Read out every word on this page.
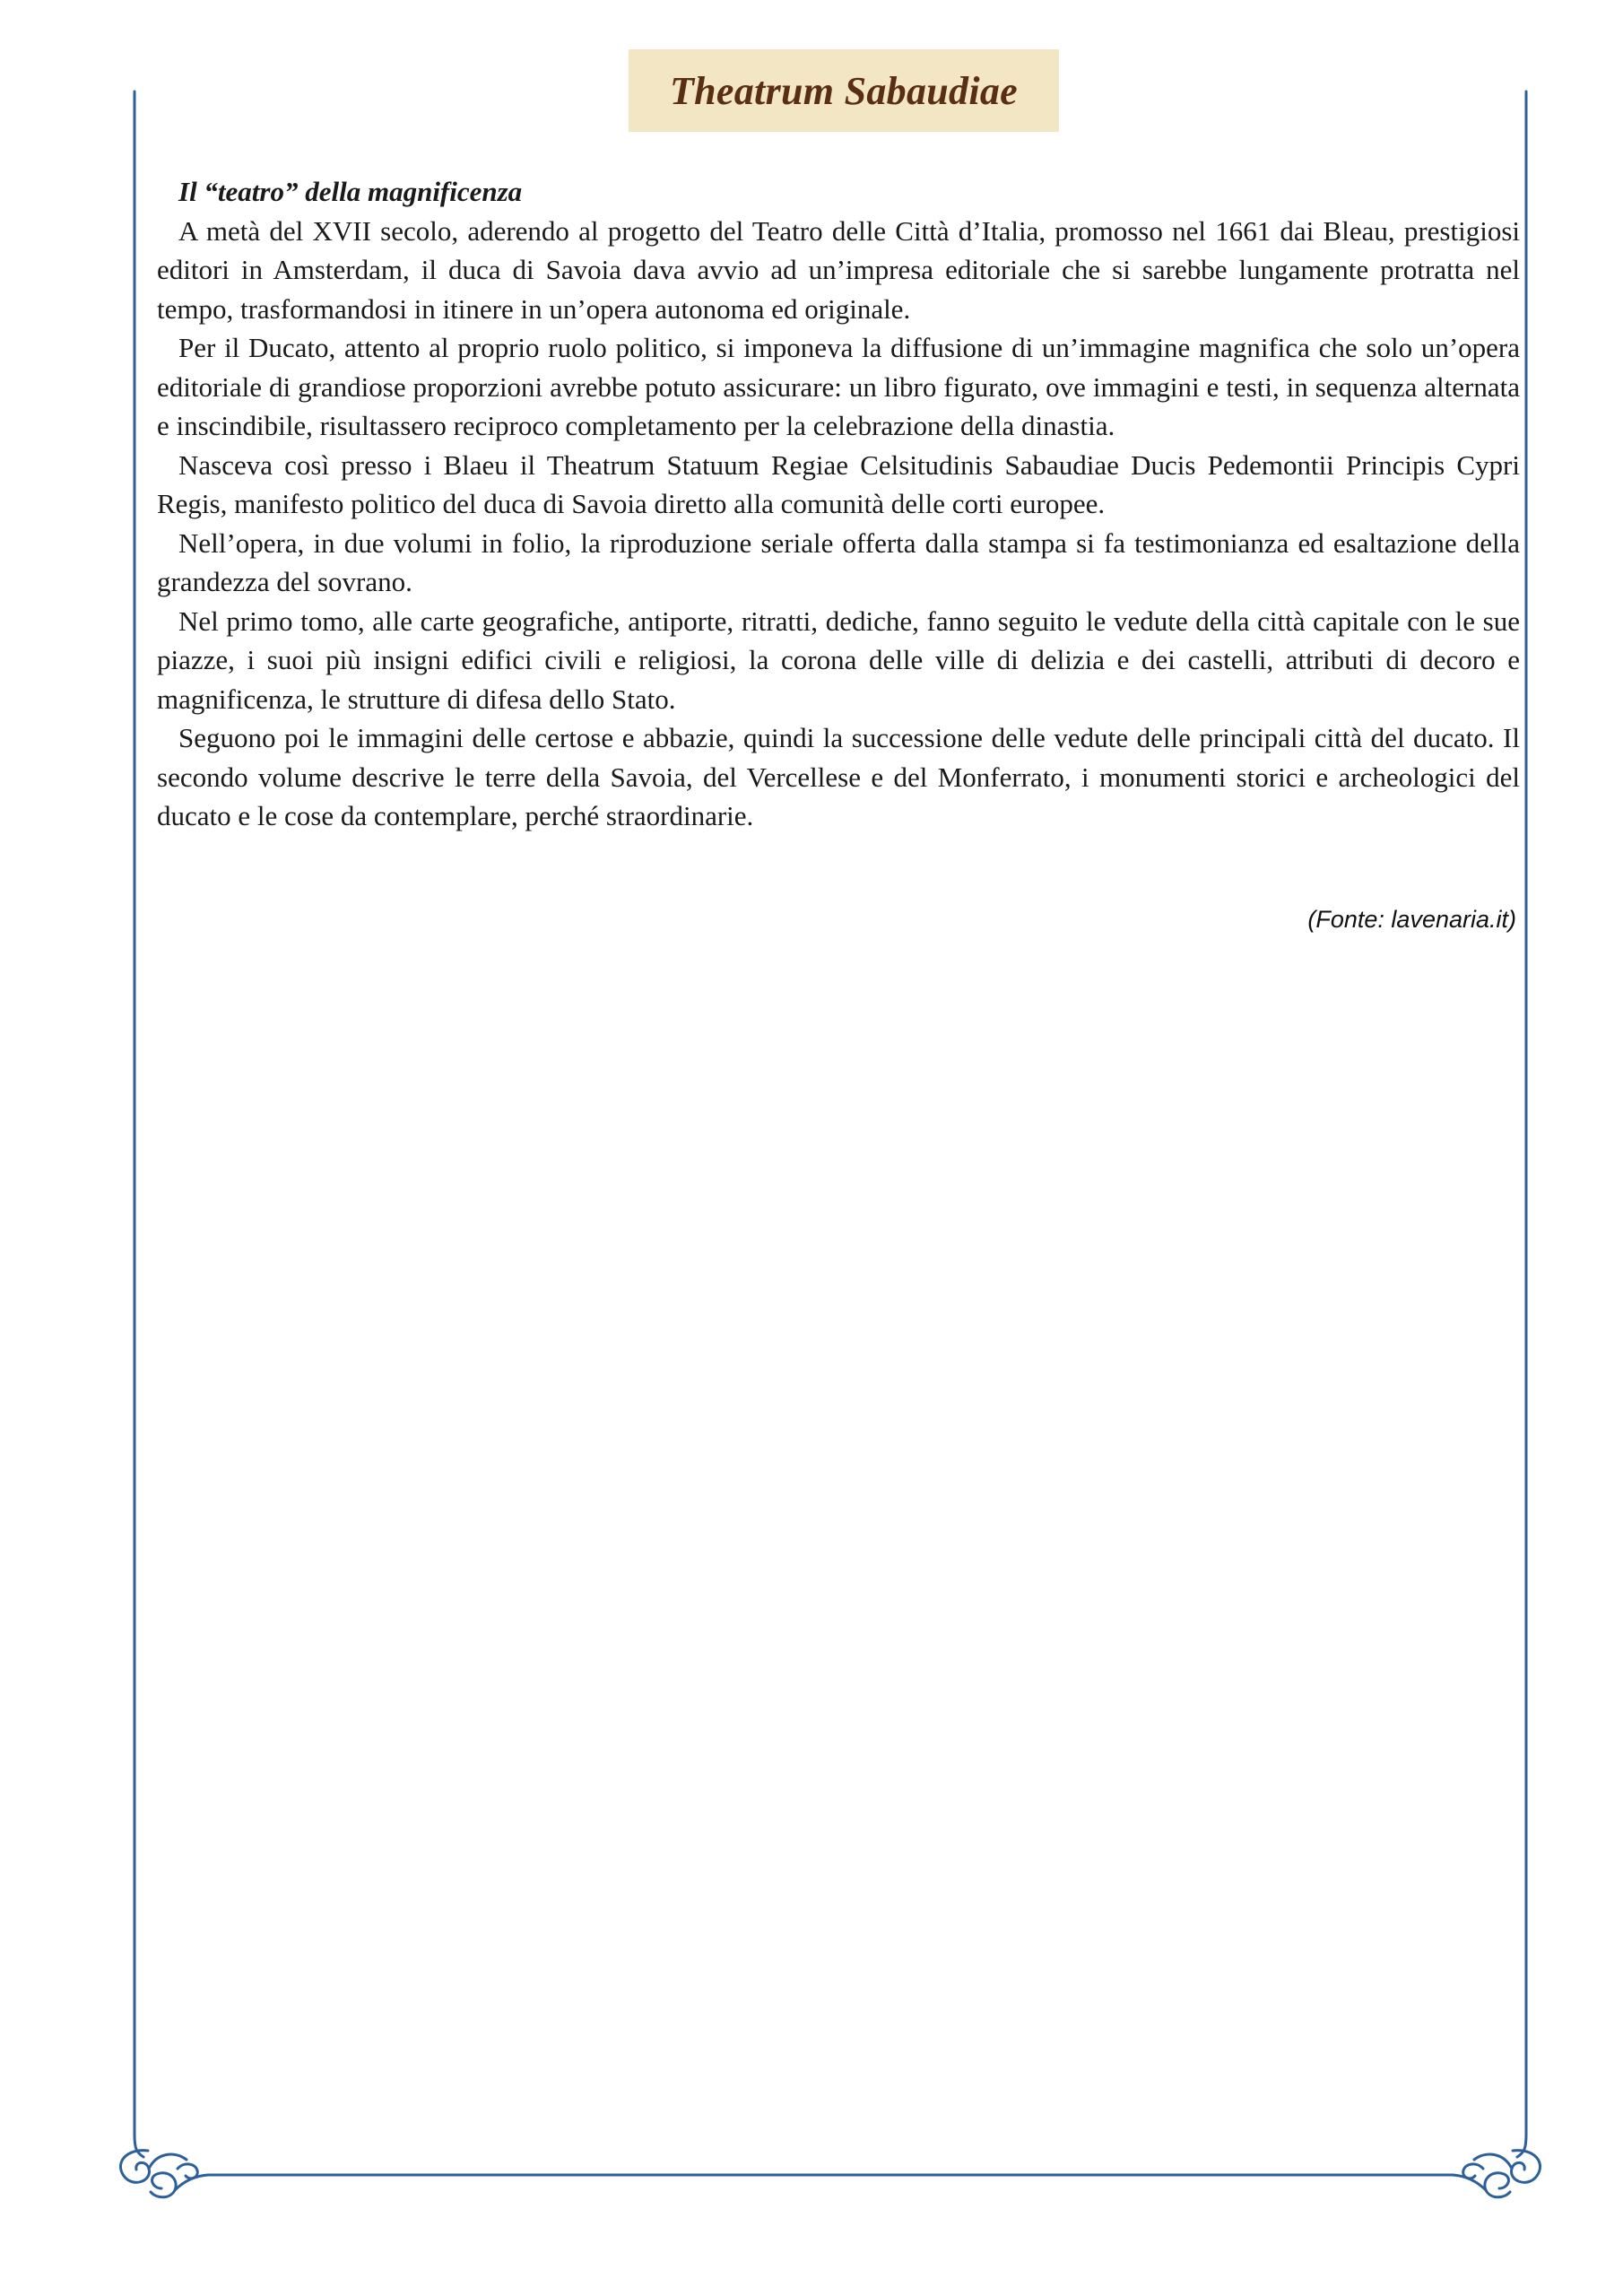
Theatrum Sabaudiae
Il “teatro” della magnificenza

A metà del XVII secolo, aderendo al progetto del Teatro delle Città d’Italia, promosso nel 1661 dai Bleau, prestigiosi editori in Amsterdam, il duca di Savoia dava avvio ad un’impresa editoriale che si sarebbe lungamente protratta nel tempo, trasformandosi in itinere in un’opera autonoma ed originale.

Per il Ducato, attento al proprio ruolo politico, si imponeva la diffusione di un’immagine magnifica che solo un’opera editoriale di grandiose proporzioni avrebbe potuto assicurare: un libro figurato, ove immagini e testi, in sequenza alternata e inscindibile, risultassero reciproco completamento per la celebrazione della dinastia.

Nasceva così presso i Blaeu il Theatrum Statuum Regiae Celsitudinis Sabaudiae Ducis Pedemontii Principis Cypri Regis, manifesto politico del duca di Savoia diretto alla comunità delle corti europee.

Nell’opera, in due volumi in folio, la riproduzione seriale offerta dalla stampa si fa testimonianza ed esaltazione della grandezza del sovrano.

Nel primo tomo, alle carte geografiche, antiporte, ritratti, dediche, fanno seguito le vedute della città capitale con le sue piazze, i suoi più insigni edifici civili e religiosi, la corona delle ville di delizia e dei castelli, attributi di decoro e magnificenza, le strutture di difesa dello Stato.

Seguono poi le immagini delle certose e abbazie, quindi la successione delle vedute delle principali città del ducato. Il secondo volume descrive le terre della Savoia, del Vercellese e del Monferrato, i monumenti storici e archeologici del ducato e le cose da contemplare, perché straordinarie.

(Fonte: lavenaria.it)
